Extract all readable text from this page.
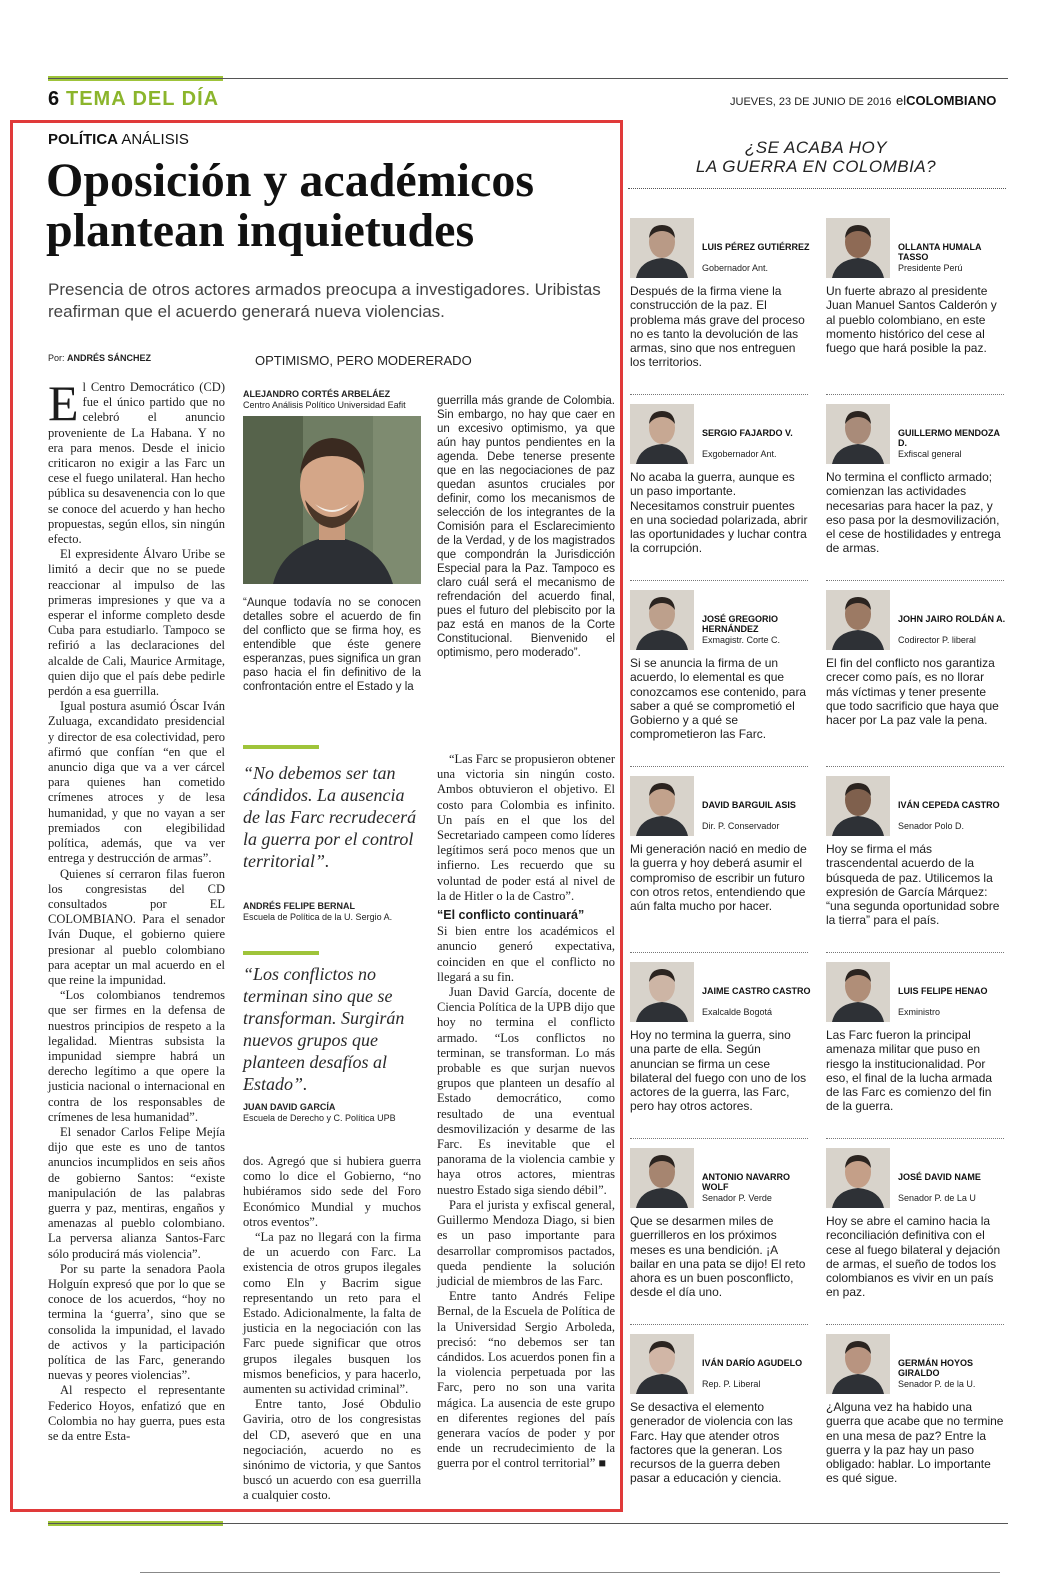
6 TEMA DEL DÍA	JUEVES, 23 DE JUNIO DE 2016 elCOLOMBIANO
POLÍTICA ANÁLISIS
Oposición y académicos plantean inquietudes
Presencia de otros actores armados preocupa a investigadores. Uribistas reafirman que el acuerdo generará nueva violencias.
Por: ANDRÉS SÁNCHEZ
E l Centro Democrático (CD) fue el único partido que no celebró el anuncio proveniente de La Habana. Y no era para menos. Desde el inicio criticaron no exigir a las Farc un cese el fuego unilateral. Han hecho pública su desavenencia con lo que se conoce del acuerdo y han hecho propuestas, según ellos, sin ningún efecto.

El expresidente Álvaro Uribe se limitó a decir que no se puede reaccionar al impulso de las primeras impresiones y que va a esperar el informe completo desde Cuba para estudiarlo. Tampoco se refirió a las declaraciones del alcalde de Cali, Maurice Armitage, quien dijo que el país debe pedirle perdón a esa guerrilla.

Igual postura asumió Óscar Iván Zuluaga, excandidato presidencial y director de esa colectividad, pero afirmó que confían “en que el anuncio diga que va a ver cárcel para quienes han cometido crímenes atroces y de lesa humanidad, y que no vayan a ser premiados con elegibilidad política, además, que va ver entrega y destrucción de armas”.

Quienes sí cerraron filas fueron los congresistas del CD consultados por EL COLOMBIANO. Para el senador Iván Duque, el gobierno quiere presionar al pueblo colombiano para aceptar un mal acuerdo en el que reine la impunidad.

“Los colombianos tendremos que ser firmes en la defensa de nuestros principios de respeto a la legalidad. Mientras subsista la impunidad siempre habrá un derecho legítimo a que opere la justicia nacional o internacional en contra de los responsables de crímenes de lesa humanidad”.

El senador Carlos Felipe Mejía dijo que este es uno de tantos anuncios incumplidos en seis años de gobierno Santos: “existe manipulación de las palabras guerra y paz, mentiras, engaños y amenazas al pueblo colombiano. La perversa alianza Santos-Farc sólo producirá más violencia”.

Por su parte la senadora Paola Holguín expresó que por lo que se conoce de los acuerdos, “hoy no termina la ‘guerra’, sino que se consolida la impunidad, el lavado de activos y la participación política de las Farc, generando nuevas y peores violencias”.

Al respecto el representante Federico Hoyos, enfatizó que en Colombia no hay guerra, pues esta se da entre Esta-

OPTIMISMO, PERO MODERERADO
ALEJANDRO CORTÉS ARBELÁEZ
Centro Análisis Político Universidad Eafit
“Aunque todavía no se conocen detalles sobre el acuerdo de fin del conflicto que se firma hoy, es entendible que éste genere esperanzas, pues significa un gran paso hacia el fin definitivo de la confrontación entre el Estado y la
guerrilla más grande de Colombia. Sin embargo, no hay que caer en un excesivo optimismo, ya que aún hay puntos pendientes en la agenda. Debe tenerse presente que en las negociaciones de paz quedan asuntos cruciales por definir, como los mecanismos de selección de los integrantes de la Comisión para el Esclarecimiento de la Verdad, y de los magistrados que compondrán la Jurisdicción Especial para la Paz. Tampoco es claro cuál será el mecanismo de refrendación del acuerdo final, pues el futuro del plebiscito por la paz está en manos de la Corte Constitucional. Bienvenido el optimismo, pero moderado”.
“No debemos ser tan cándidos. La ausencia de las Farc recrudecerá la guerra por el control territorial”.
ANDRÉS FELIPE BERNAL
Escuela de Política de la U. Sergio A.
“Los conflictos no terminan sino que se transforman. Surgirán nuevos grupos que planteen desafíos al Estado”.
JUAN DAVID GARCÍA
Escuela de Derecho y C. Política UPB

dos. Agregó que si hubiera guerra como lo dice el Gobierno, “no hubiéramos sido sede del Foro Económico Mundial y muchos otros eventos”.

“La paz no llegará con la firma de un acuerdo con Farc. La existencia de otros grupos ilegales como Eln y Bacrim sigue representando un reto para el Estado. Adicionalmente, la falta de justicia en la negociación con las Farc puede significar que otros grupos ilegales busquen los mismos beneficios, y para hacerlo, aumenten su actividad criminal”.

Entre tanto, José Obdulio Gaviria, otro de los congresistas del CD, aseveró que en una negociación, acuerdo no es sinónimo de victoria, y que Santos buscó un acuerdo con esa guerrilla a cualquier costo.

“Las Farc se propusieron obtener una victoria sin ningún costo. Ambos obtuvieron el objetivo. El costo para Colombia es infinito. Un país en el que los del Secretariado campeen como líderes legítimos será poco menos que un infierno. Les recuerdo que su voluntad de poder está al nivel de la de Hitler o la de Castro”.

“El conflicto continuará”

Si bien entre los académicos el anuncio generó expectativa, coinciden en que el conflicto no llegará a su fin.

Juan David García, docente de Ciencia Política de la UPB dijo que hoy no termina el conflicto armado. “Los conflictos no terminan, se transforman. Lo más probable es que surjan nuevos grupos que planteen un desafío al Estado democrático, como resultado de una eventual desmovilización y desarme de las Farc. Es inevitable que el panorama de la violencia cambie y haya otros actores, mientras nuestro Estado siga siendo débil”.

Para el jurista y exfiscal general, Guillermo Mendoza Diago, si bien es un paso importante para desarrollar compromisos pactados, queda pendiente la solución judicial de miembros de las Farc.

Entre tanto Andrés Felipe Bernal, de la Escuela de Política de la Universidad Sergio Arboleda, precisó: “no debemos ser tan cándidos. Los acuerdos ponen fin a la violencia perpetuada por las Farc, pero no son una varita mágica. La ausencia de este grupo en diferentes regiones del país generara vacíos de poder y por ende un recrudecimiento de la guerra por el control territorial” ■

¿SE ACABA HOY
LA GUERRA EN COLOMBIA?
LUIS PÉREZ GUTIÉRREZ
Gobernador Ant.
Después de la firma viene la construcción de la paz. El problema más grave del proceso no es tanto la devolución de las armas, sino que nos entreguen los territorios.
OLLANTA HUMALA TASSO
Presidente Perú
Un fuerte abrazo al presidente Juan Manuel Santos Calderón y al pueblo colombiano, en este momento histórico del cese al fuego que hará posible la paz.
SERGIO FAJARDO V.
Exgobernador Ant.
No acaba la guerra, aunque es un paso importante. Necesitamos construir puentes en una sociedad polarizada, abrir las oportunidades y luchar contra la corrupción.
GUILLERMO MENDOZA D.
Exfiscal general
No termina el conflicto armado; comienzan las actividades necesarias para hacer la paz, y eso pasa por la desmovilización, el cese de hostilidades y entrega de armas.
JOSÉ GREGORIO HERNÁNDEZ
Exmagistr. Corte C.
Si se anuncia la firma de un acuerdo, lo elemental es que conozcamos ese contenido, para saber a qué se comprometió el Gobierno y a qué se comprometieron las Farc.
JOHN JAIRO ROLDÁN A.
Codirector P. liberal
El fin del conflicto nos garantiza crecer como país, es no llorar más víctimas y tener presente que todo sacrificio que haya que hacer por La paz vale la pena.
DAVID BARGUIL ASIS
Dir. P. Conservador
Mi generación nació en medio de la guerra y hoy deberá asumir el compromiso de escribir un futuro con otros retos, entendiendo que aún falta mucho por hacer.
IVÁN CEPEDA CASTRO
Senador Polo D.
Hoy se firma el más trascendental acuerdo de la búsqueda de paz. Utilicemos la expresión de García Márquez: “una segunda oportunidad sobre la tierra” para el país.
JAIME CASTRO CASTRO
Exalcalde Bogotá
Hoy no termina la guerra, sino una parte de ella. Según anuncian se firma un cese bilateral del fuego con uno de los actores de la guerra, las Farc, pero hay otros actores.
LUIS FELIPE HENAO
Exministro
Las Farc fueron la principal amenaza militar que puso en riesgo la institucionalidad. Por eso, el final de la lucha armada de las Farc es comienzo del fin de la guerra.
ANTONIO NAVARRO WOLF
Senador P. Verde
Que se desarmen miles de guerrilleros en los próximos meses es una bendición. ¡A bailar en una pata se dijo! El reto ahora es un buen posconflicto, desde el día uno.
JOSÉ DAVID NAME
Senador P. de La U
Hoy se abre el camino hacia la reconciliación definitiva con el cese al fuego bilateral y dejación de armas, el sueño de todos los colombianos es vivir en un país en paz.
IVÁN DARÍO AGUDELO
Rep. P. Liberal
Se desactiva el elemento generador de violencia con las Farc. Hay que atender otros factores que la generan. Los recursos de la guerra deben pasar a educación y ciencia.
GERMÁN HOYOS GIRALDO
Senador P. de la U.
¿Alguna vez ha habido una guerra que acabe que no termine en una mesa de paz? Entre la guerra y la paz hay un paso obligado: hablar. Lo importante es qué sigue.
